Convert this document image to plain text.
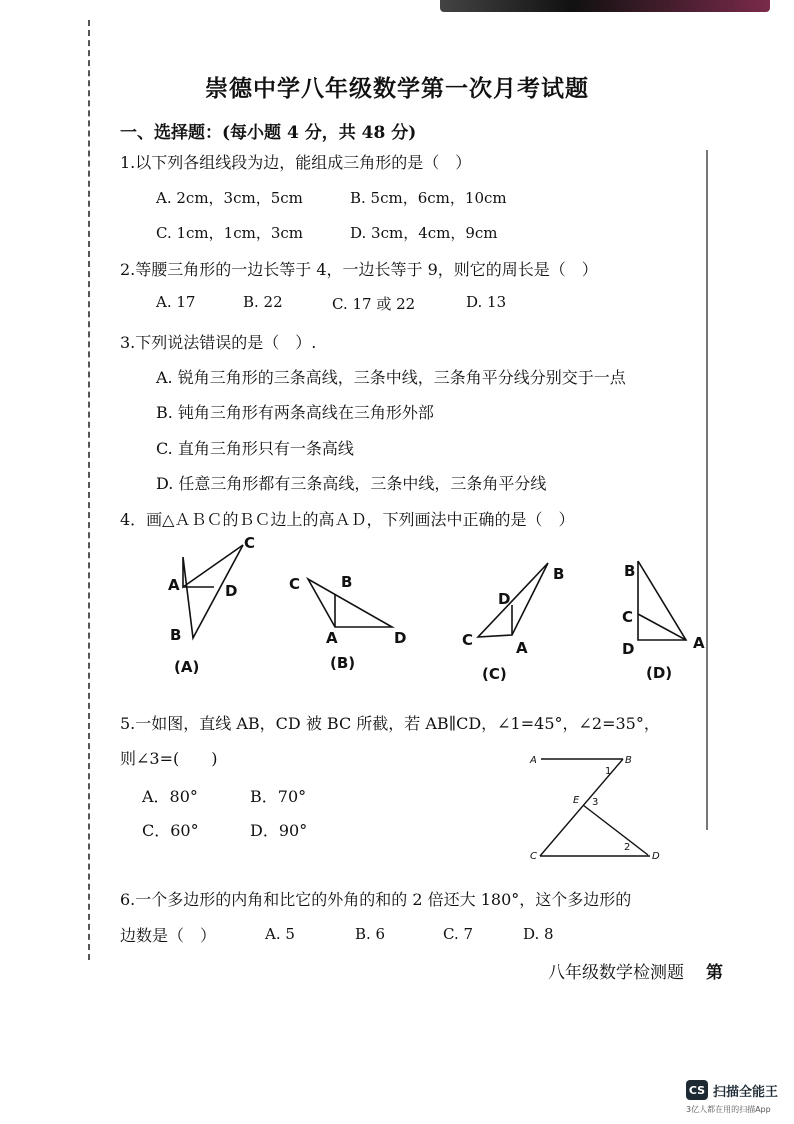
崇德中学八年级数学第一次月考试题
一、选择题：(每小题 4 分，共 48 分)
1.以下列各组线段为边，能组成三角形的是（　）
A. 2cm，3cm，5cm	B. 5cm，6cm，10cm
C. 1cm，1cm，3cm	D. 3cm，4cm，9cm
2.等腰三角形的一边长等于 4，一边长等于 9，则它的周长是（　）
A. 17	B. 22	C. 17 或 22	D. 13
3.下列说法错误的是（　）.
A. 锐角三角形的三条高线，三条中线，三条角平分线分别交于一点
B. 钝角三角形有两条高线在三角形外部
C. 直角三角形只有一条高线
D. 任意三角形都有三条高线，三条中线，三条角平分线
4．画△ＡＢＣ的ＢＣ边上的高ＡＤ，下列画法中正确的是（　）
C
A	D
B
(A)
C	B
A	D
(B)
B
D
C	A
(C)
B
C
D	A
(D)
5.一如图，直线 AB，CD 被 BC 所截，若 AB∥CD，∠1=45°，∠2=35°，
则∠3=(　　)
A．80°	B．70°
C．60°	D．90°
A	B
E
C	D
1
2
3
6.一个多边形的内角和比它的外角的和的 2 倍还大 180°，这个多边形的
边数是（　）	A. 5	B. 6	C. 7	D. 8
八年级数学检测题 第
CS 扫描全能王
3亿人都在用的扫描App
